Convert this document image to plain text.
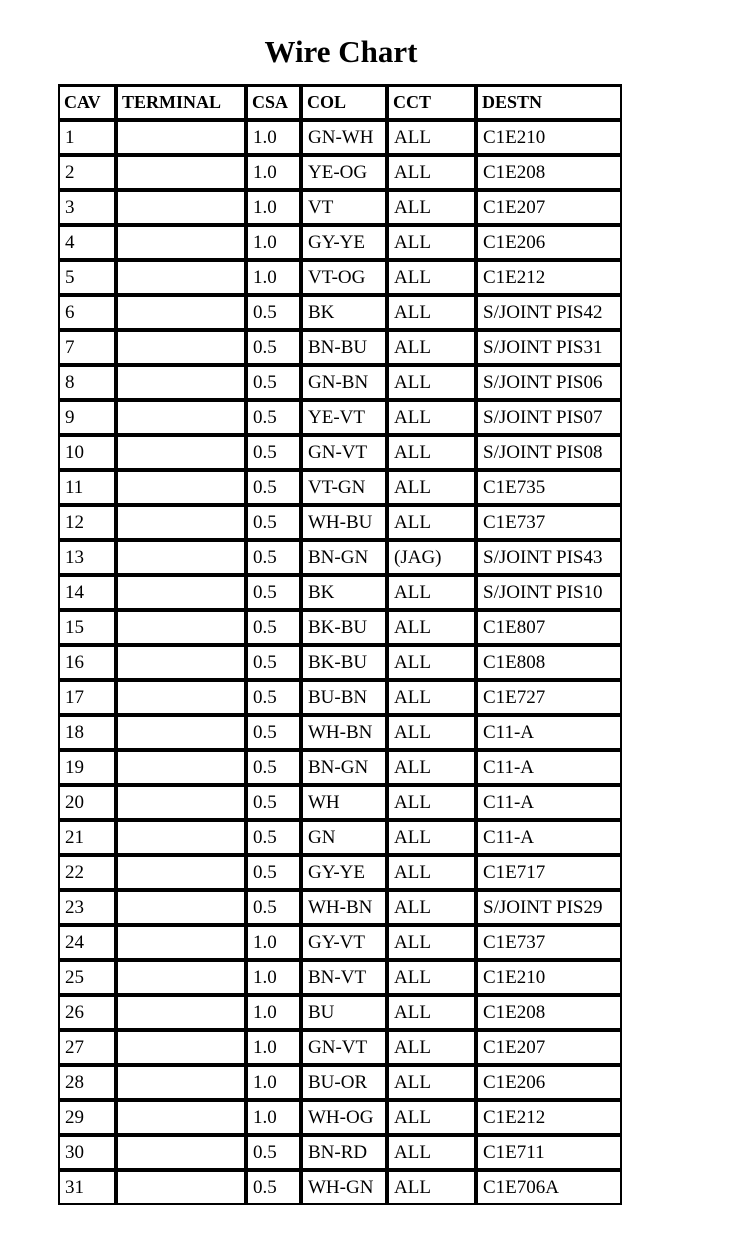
Wire Chart
CAV	TERMINAL	CSA	COL	CCT	DESTN
1		1.0	GN-WH	ALL	C1E210
2		1.0	YE-OG	ALL	C1E208
3		1.0	VT	ALL	C1E207
4		1.0	GY-YE	ALL	C1E206
5		1.0	VT-OG	ALL	C1E212
6		0.5	BK	ALL	S/JOINT PIS42
7		0.5	BN-BU	ALL	S/JOINT PIS31
8		0.5	GN-BN	ALL	S/JOINT PIS06
9		0.5	YE-VT	ALL	S/JOINT PIS07
10		0.5	GN-VT	ALL	S/JOINT PIS08
11		0.5	VT-GN	ALL	C1E735
12		0.5	WH-BU	ALL	C1E737
13		0.5	BN-GN	(JAG)	S/JOINT PIS43
14		0.5	BK	ALL	S/JOINT PIS10
15		0.5	BK-BU	ALL	C1E807
16		0.5	BK-BU	ALL	C1E808
17		0.5	BU-BN	ALL	C1E727
18		0.5	WH-BN	ALL	C11-A
19		0.5	BN-GN	ALL	C11-A
20		0.5	WH	ALL	C11-A
21		0.5	GN	ALL	C11-A
22		0.5	GY-YE	ALL	C1E717
23		0.5	WH-BN	ALL	S/JOINT PIS29
24		1.0	GY-VT	ALL	C1E737
25		1.0	BN-VT	ALL	C1E210
26		1.0	BU	ALL	C1E208
27		1.0	GN-VT	ALL	C1E207
28		1.0	BU-OR	ALL	C1E206
29		1.0	WH-OG	ALL	C1E212
30		0.5	BN-RD	ALL	C1E711
31		0.5	WH-GN	ALL	C1E706A
